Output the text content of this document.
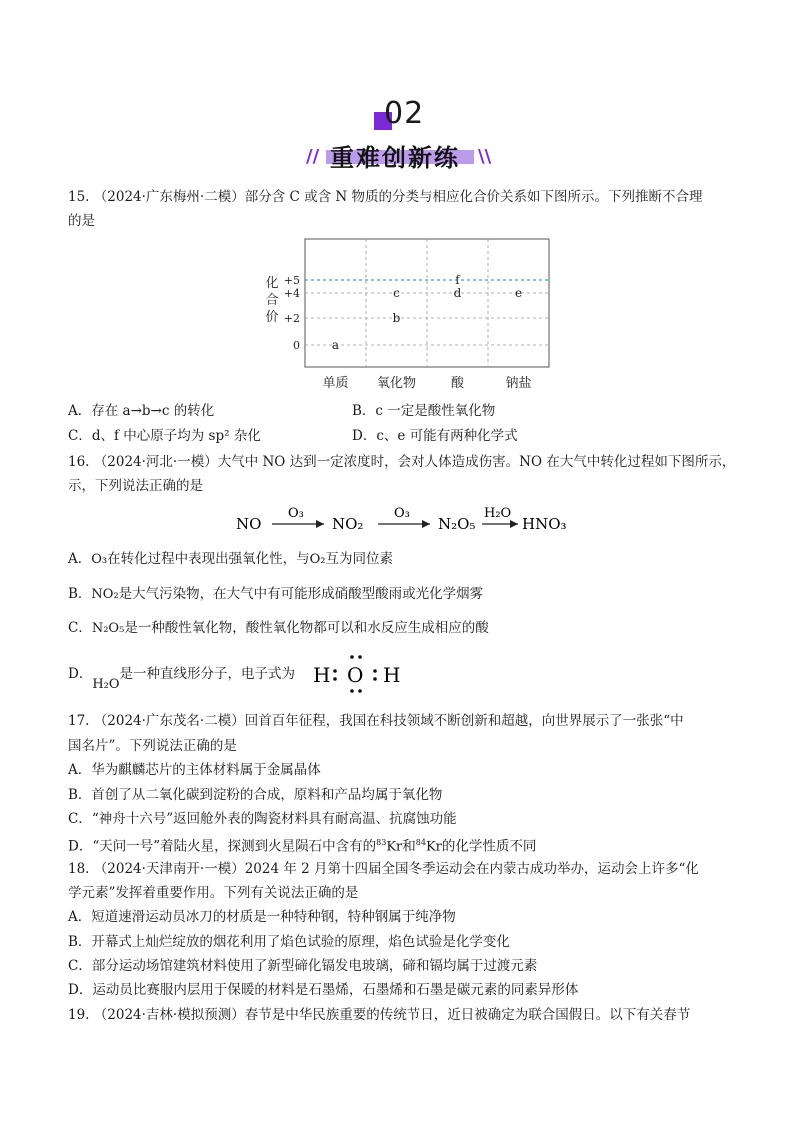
02
// 重难创新练 \\
15. （2024·广东梅州·二模）部分含 C 或含 N 物质的分类与相应化合价关系如下图所示。下列推断不合理
的是
+5
+4
+2
0
化
合
价
单质 氧化物	酸	钠盐
a
b
c	d
f
e
A．存在 a→b→c 的转化	B．c 一定是酸性氧化物
C．d、f 中心原子均为 sp² 杂化	D．c、e 可能有两种化学式
16. （2024·河北·一模）大气中 NO 达到一定浓度时，会对人体造成伤害。NO 在大气中转化过程如下图所示，
示，下列说法正确的是
NO
O₃
NO₂
O₃
N₂O₅
H₂O
HNO₃
A．O₃在转化过程中表现出强氧化性，与O₂互为同位素
B．NO₂是大气污染物，在大气中有可能形成硝酸型酸雨或光化学烟雾
C．N₂O₅是一种酸性氧化物，酸性氧化物都可以和水反应生成相应的酸
D．H₂O是一种直线形分子，电子式为 H O H
17. （2024·广东茂名·二模）回首百年征程，我国在科技领域不断创新和超越，向世界展示了一张张“中
国名片”。下列说法正确的是
A．华为麒麟芯片的主体材料属于金属晶体
B．首创了从二氧化碳到淀粉的合成，原料和产品均属于氧化物
C．“神舟十六号”返回舱外表的陶瓷材料具有耐高温、抗腐蚀功能
D．“天问一号”着陆火星，探测到火星陨石中含有的$^{83}$Kr和$^{84}$Kr的化学性质不同
18. （2024·天津南开·一模）2024 年 2 月第十四届全国冬季运动会在内蒙古成功举办，运动会上许多“化
学元素”发挥着重要作用。下列有关说法正确的是
A．短道速滑运动员冰刀的材质是一种特种钢，特种钢属于纯净物
B．开幕式上灿烂绽放的烟花利用了焰色试验的原理，焰色试验是化学变化
C．部分运动场馆建筑材料使用了新型碲化镉发电玻璃，碲和镉均属于过渡元素
D．运动员比赛服内层用于保暖的材料是石墨烯，石墨烯和石墨是碳元素的同素异形体
19. （2024·吉林·模拟预测）春节是中华民族重要的传统节日，近日被确定为联合国假日。以下有关春节
